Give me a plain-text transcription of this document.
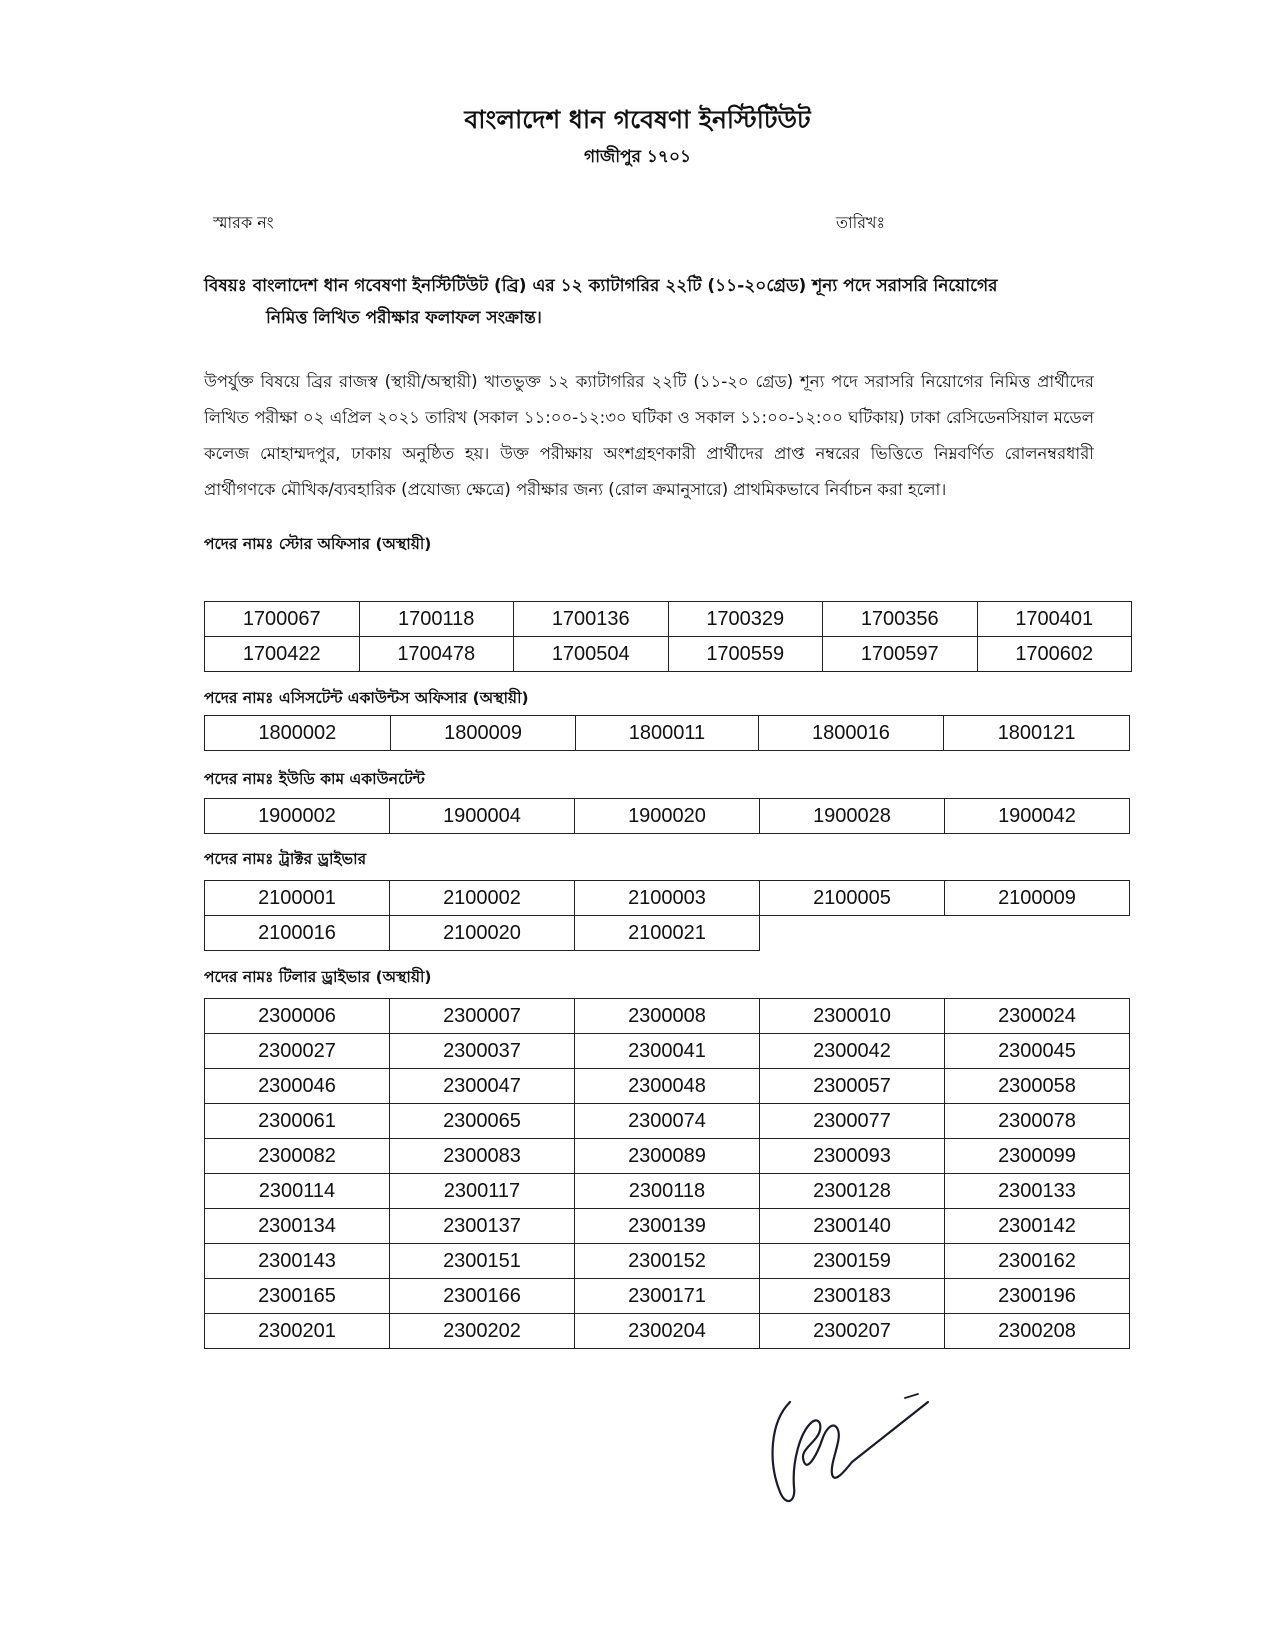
বাংলাদেশ ধান গবেষণা ইনস্টিটিউট
গাজীপুর ১৭০১
স্মারক নং	তারিখঃ
বিষয়ঃ বাংলাদেশ ধান গবেষণা ইনস্টিটিউট (ব্রি) এর ১২ ক্যাটাগরির ২২টি (১১-২০গ্রেড) শূন্য পদে সরাসরি নিয়োগের
নিমিত্ত লিখিত পরীক্ষার ফলাফল সংক্রান্ত।
উপর্যুক্ত বিষয়ে ব্রির রাজস্ব (স্থায়ী/অস্থায়ী) খাতভুক্ত ১২ ক্যাটাগরির ২২টি (১১-২০ গ্রেড) শূন্য পদে সরাসরি নিয়োগের নিমিত্ত প্রার্থীদের লিখিত পরীক্ষা ০২ এপ্রিল ২০২১ তারিখ (সকাল ১১:০০-১২:৩০ ঘটিকা ও সকাল ১১:০০-১২:০০ ঘটিকায়) ঢাকা রেসিডেনসিয়াল মডেল কলেজ মোহাম্মদপুর, ঢাকায় অনুষ্ঠিত হয়। উক্ত পরীক্ষায় অংশগ্রহণকারী প্রার্থীদের প্রাপ্ত নম্বরের ভিত্তিতে নিম্নবর্ণিত রোলনম্বরধারী প্রার্থীগণকে মৌখিক/ব্যবহারিক (প্রযোজ্য ক্ষেত্রে) পরীক্ষার জন্য (রোল ক্রমানুসারে) প্রাথমিকভাবে নির্বাচন করা হলো।
পদের নামঃ স্টোর অফিসার (অস্থায়ী)
1700067	1700118	1700136	1700329	1700356	1700401
1700422	1700478	1700504	1700559	1700597	1700602
পদের নামঃ এসিসটেন্ট একাউন্টস অফিসার (অস্থায়ী)
1800002	1800009	1800011	1800016	1800121
পদের নামঃ ইউডি কাম একাউনটেন্ট
1900002	1900004	1900020	1900028	1900042
পদের নামঃ ট্রাক্টর ড্রাইভার
2100001	2100002	2100003	2100005	2100009
2100016	2100020	2100021		
পদের নামঃ টিলার ড্রাইভার (অস্থায়ী)
2300006	2300007	2300008	2300010	2300024
2300027	2300037	2300041	2300042	2300045
2300046	2300047	2300048	2300057	2300058
2300061	2300065	2300074	2300077	2300078
2300082	2300083	2300089	2300093	2300099
2300114	2300117	2300118	2300128	2300133
2300134	2300137	2300139	2300140	2300142
2300143	2300151	2300152	2300159	2300162
2300165	2300166	2300171	2300183	2300196
2300201	2300202	2300204	2300207	2300208
